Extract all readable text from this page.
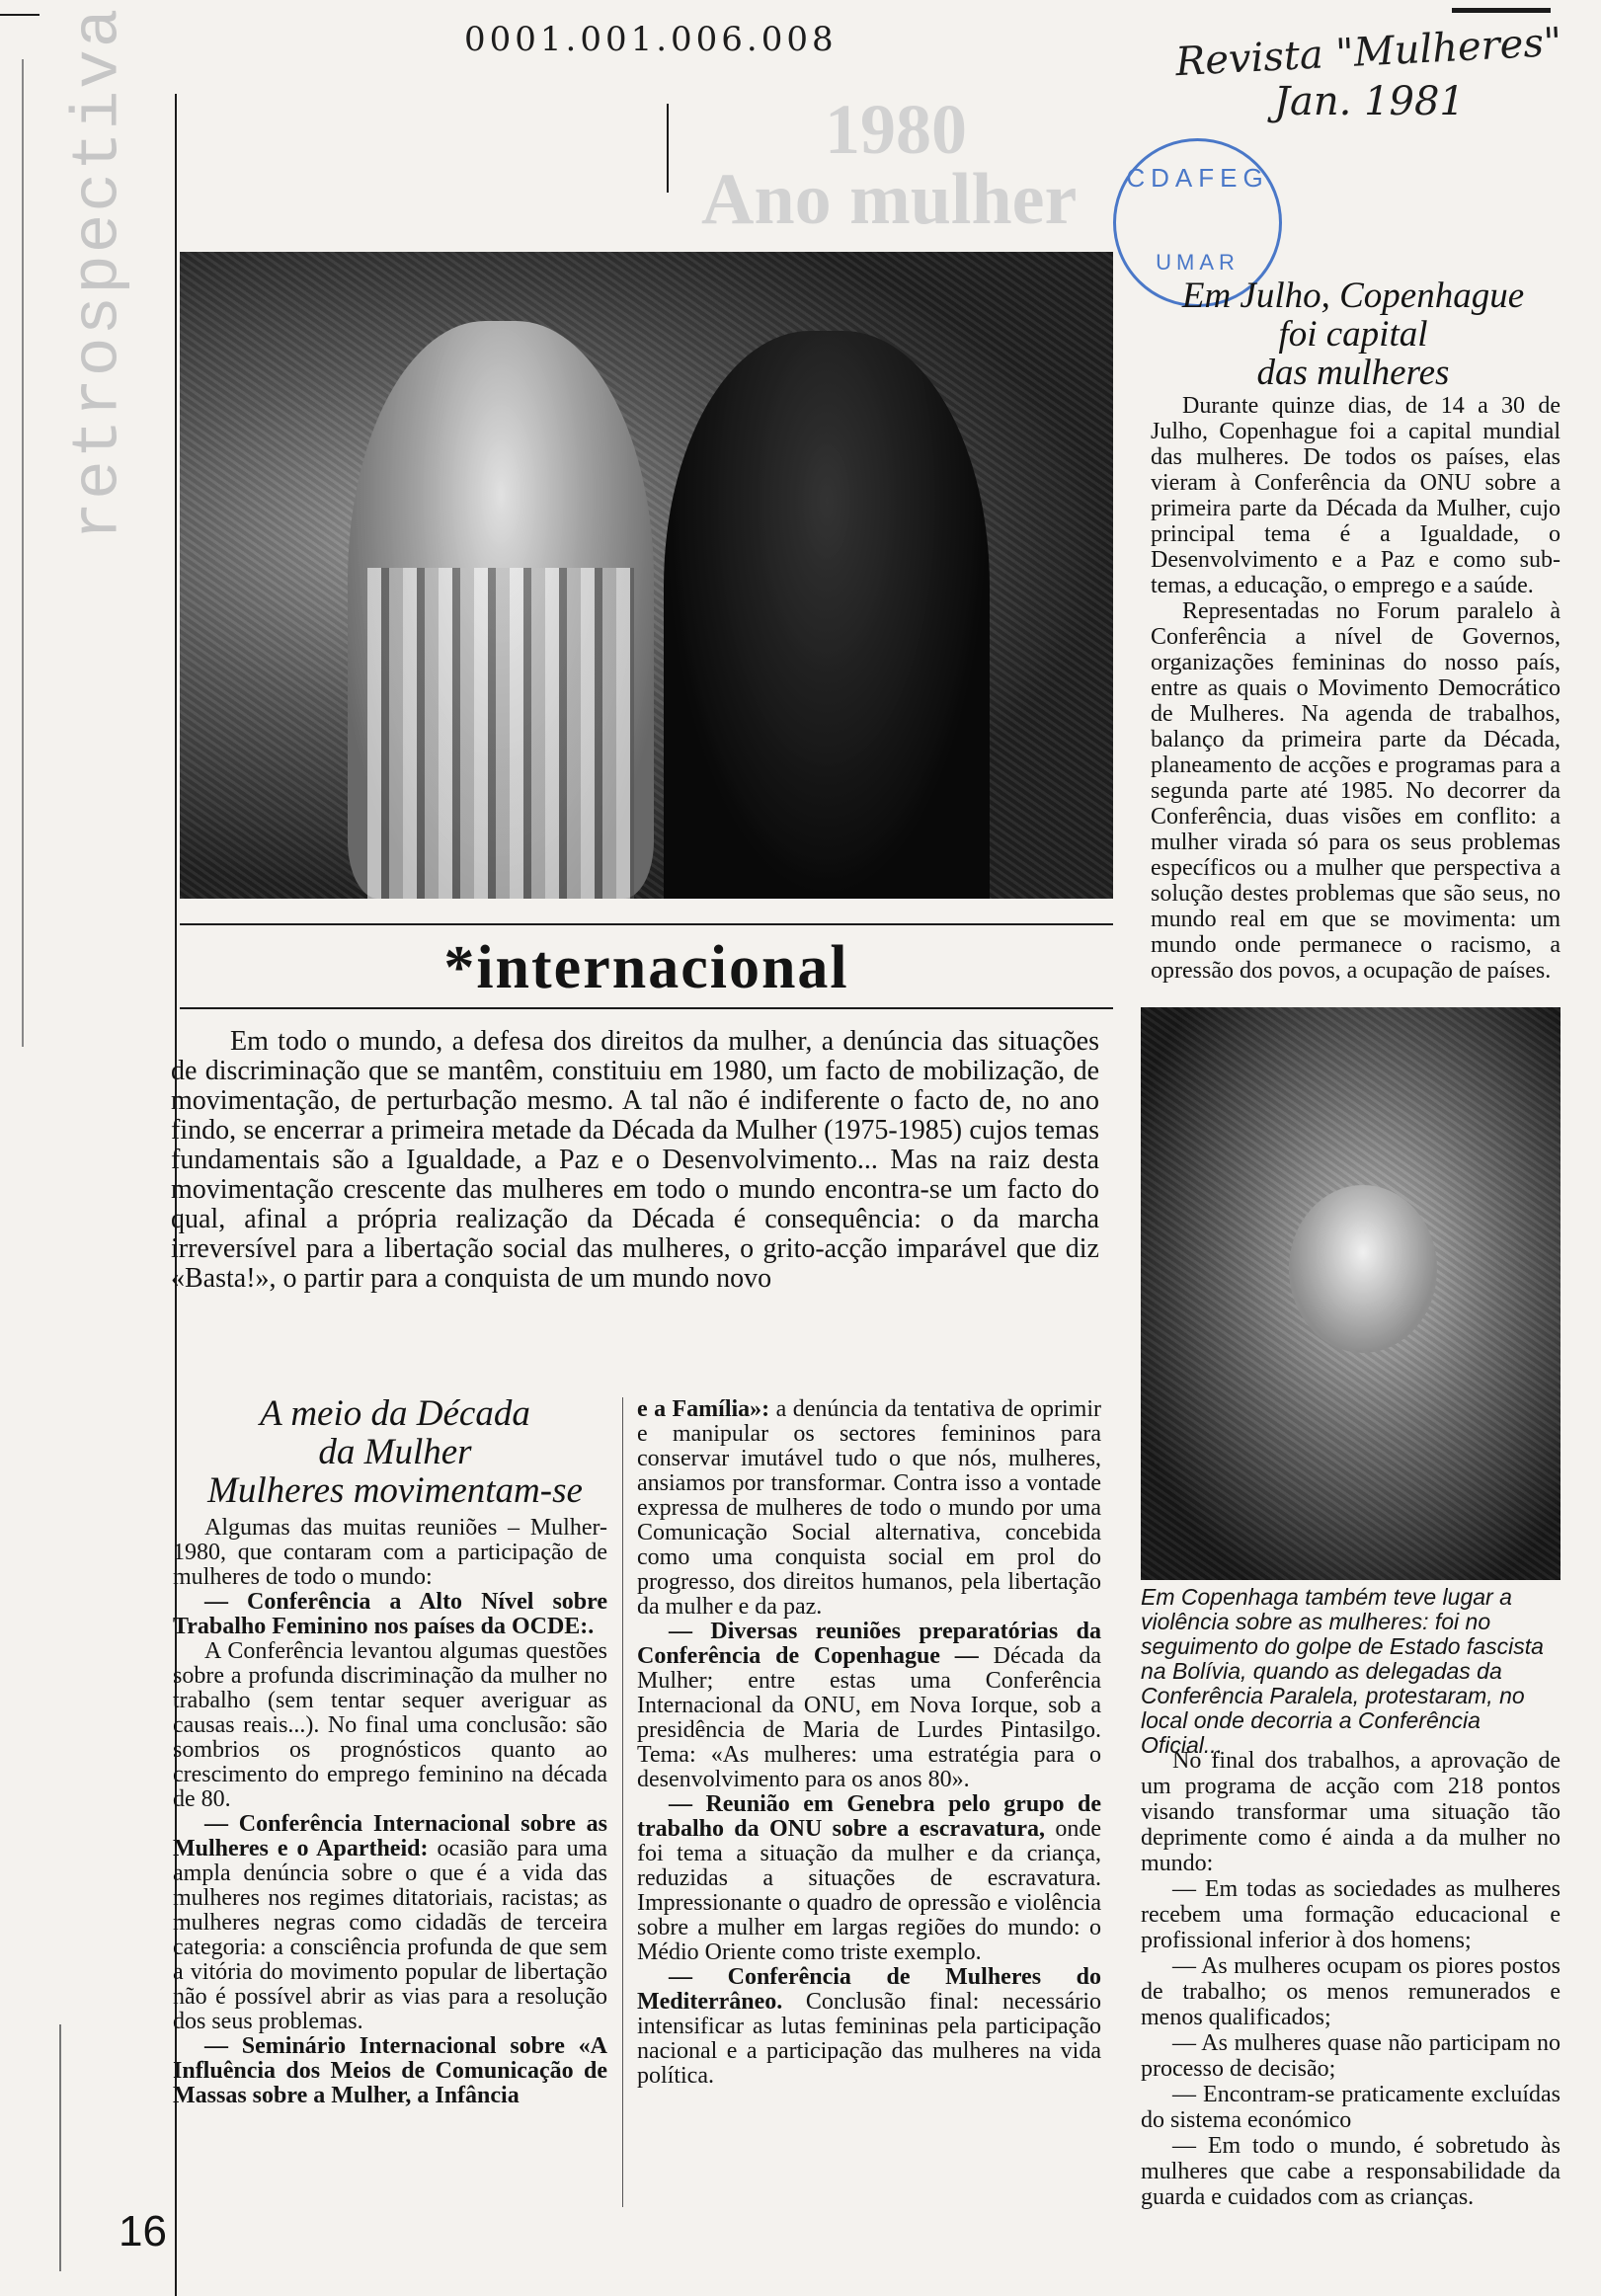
0001.001.006.008	Revista "Mulheres"
Jan. 1981
CDAFEG
UMAR
retrospectiva	1980
Ano mulher
Em Julho, Copenhague
foi capital
das mulheres

Durante quinze dias, de 14 a 30 de Julho, Copenhague foi a capital mundial das mulheres. De todos os países, elas vieram à Conferência da ONU sobre a primeira parte da Década da Mulher, cujo principal tema é a Igualdade, o Desenvolvimento e a Paz e como sub-temas, a educação, o emprego e a saúde.

Representadas no Forum paralelo à Conferência a nível de Governos, organizações femininas do nosso país, entre as quais o Movimento Democrático de Mulheres. Na agenda de trabalhos, balanço da primeira parte da Década, planeamento de acções e programas para a segunda parte até 1985. No decorrer da Conferência, duas visões em conflito: a mulher virada só para os seus problemas específicos ou a mulher que perspectiva a solução destes problemas que são seus, no mundo real em que se movimenta: um mundo onde permanece o racismo, a opressão dos povos, a ocupação de países.

*internacional

Em todo o mundo, a defesa dos direitos da mulher, a denúncia das situações de discriminação que se mantêm, constituiu em 1980, um facto de mobilização, de movimentação, de perturbação mesmo. A tal não é indiferente o facto de, no ano findo, se encerrar a primeira metade da Década da Mulher (1975-1985) cujos temas fundamentais são a Igualdade, a Paz e o Desenvolvimento... Mas na raiz desta movimentação crescente das mulheres em todo o mundo encontra-se um facto do qual, afinal a própria realização da Década é consequência: o da marcha irreversível para a libertação social das mulheres, o grito-acção imparável que diz «Basta!», o partir para a conquista de um mundo novo

Em Copenhaga também teve lugar a violência sobre as mulheres: foi no seguimento do golpe de Estado fascista na Bolívia, quando as delegadas da Conferência Paralela, protestaram, no local onde decorria a Conferência Oficial...

No final dos trabalhos, a aprovação de um programa de acção com 218 pontos visando transformar uma situação tão deprimente como é ainda a da mulher no mundo:

— Em todas as sociedades as mulheres recebem uma formação educacional e profissional inferior à dos homens;

— As mulheres ocupam os piores postos de trabalho; os menos remunerados e menos qualificados;

— As mulheres quase não participam no processo de decisão;

— Encontram-se praticamente excluídas do sistema económico

— Em todo o mundo, é sobretudo às mulheres que cabe a responsabilidade da guarda e cuidados com as crianças.

A meio da Década
da Mulher
Mulheres movimentam-se

Algumas das muitas reuniões – Mulher-1980, que contaram com a participação de mulheres de todo o mundo:

— Conferência a Alto Nível sobre Trabalho Feminino nos países da OCDE:.

A Conferência levantou algumas questões sobre a profunda discriminação da mulher no trabalho (sem tentar sequer averiguar as causas reais...). No final uma conclusão: são sombrios os prognósticos quanto ao crescimento do emprego feminino na década de 80.

— Conferência Internacional sobre as Mulheres e o Apartheid: ocasião para uma ampla denúncia sobre o que é a vida das mulheres nos regimes ditatoriais, racistas; as mulheres negras como cidadãs de terceira categoria: a consciência profunda de que sem a vitória do movimento popular de libertação não é possível abrir as vias para a resolução dos seus problemas.

— Seminário Internacional sobre «A Influência dos Meios de Comunicação de Massas sobre a Mulher, a Infância

e a Família»: a denúncia da tentativa de oprimir e manipular os sectores femininos para conservar imutável tudo o que nós, mulheres, ansiamos por transformar. Contra isso a vontade expressa de mulheres de todo o mundo por uma Comunicação Social alternativa, concebida como uma conquista social em prol do progresso, dos direitos humanos, pela libertação da mulher e da paz.

— Diversas reuniões preparatórias da Conferência de Copenhague — Década da Mulher; entre estas uma Conferência Internacional da ONU, em Nova Iorque, sob a presidência de Maria de Lurdes Pintasilgo. Tema: «As mulheres: uma estratégia para o desenvolvimento para os anos 80».

— Reunião em Genebra pelo grupo de trabalho da ONU sobre a escravatura, onde foi tema a situação da mulher e da criança, reduzidas a situações de escravatura. Impressionante o quadro de opressão e violência sobre a mulher em largas regiões do mundo: o Médio Oriente como triste exemplo.

— Conferência de Mulheres do Mediterrâneo. Conclusão final: necessário intensificar as lutas femininas pela participação nacional e a participação das mulheres na vida política.

16
